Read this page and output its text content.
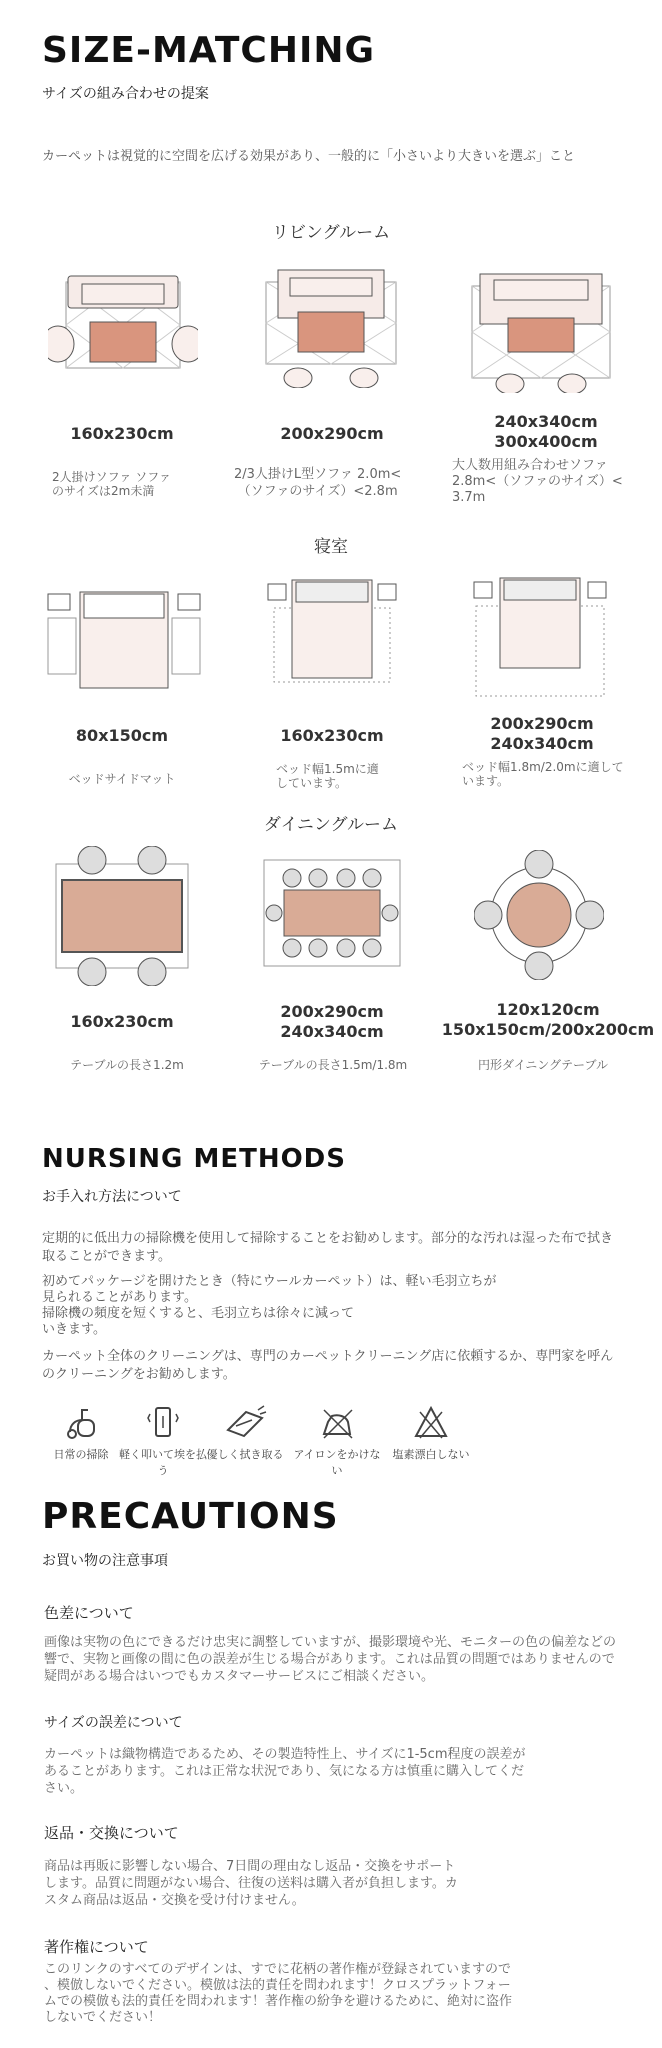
SIZE-MATCHING
サイズの組み合わせの提案
カーペットは視覚的に空間を広げる効果があり、一般的に「小さいより大きいを選ぶ」こと
リビングルーム
160x230cm
2人掛けソファ ソファ
のサイズは2m未満
200x290cm
2/3人掛けL型ソファ 2.0m<
（ソファのサイズ）<2.8m
240x340cm
300x400cm
大人数用組み合わせソファ
2.8m<（ソファのサイズ）<
3.7m
寝室
80x150cm
ベッドサイドマット
160x230cm
ベッド幅1.5mに適
しています。
200x290cm
240x340cm
ベッド幅1.8m/2.0mに適して
います。
ダイニングルーム
160x230cm
テーブルの長さ1.2m
200x290cm
240x340cm
テーブルの長さ1.5m/1.8m
120x120cm
150x150cm/200x200cm
円形ダイニングテーブル
NURSING METHODS
お手入れ方法について
定期的に低出力の掃除機を使用して掃除することをお勧めします。部分的な汚れは湿った布で拭き
取ることができます。
初めてパッケージを開けたとき（特にウールカーペット）は、軽い毛羽立ちが
見られることがあります。
掃除機の頻度を短くすると、毛羽立ちは徐々に減って
いきます。
カーペット全体のクリーニングは、専門のカーペットクリーニング店に依頼するか、専門家を呼ん
のクリーニングをお勧めします。
日常の掃除 軽く叩いて埃を払う
優しく拭き取る アイロンをかけない
塩素漂白しない
PRECAUTIONS
お買い物の注意事項
色差について
画像は実物の色にできるだけ忠実に調整していますが、撮影環境や光、モニターの色の偏差などの
響で、実物と画像の間に色の誤差が生じる場合があります。これは品質の問題ではありませんので
疑問がある場合はいつでもカスタマーサービスにご相談ください。
サイズの誤差について
カーペットは織物構造であるため、その製造特性上、サイズに1-5cm程度の誤差が
あることがあります。これは正常な状況であり、気になる方は慎重に購入してくだ
さい。
返品・交換について
商品は再販に影響しない場合、7日間の理由なし返品・交換をサポート
します。品質に問題がない場合、往復の送料は購入者が負担します。カ
スタム商品は返品・交換を受け付けません。
著作権について
このリンクのすべてのデザインは、すでに花柄の著作権が登録されていますので
、模倣しないでください。模倣は法的責任を問われます！クロスプラットフォー
ムでの模倣も法的責任を問われます！著作権の紛争を避けるために、絶対に盗作
しないでください！
